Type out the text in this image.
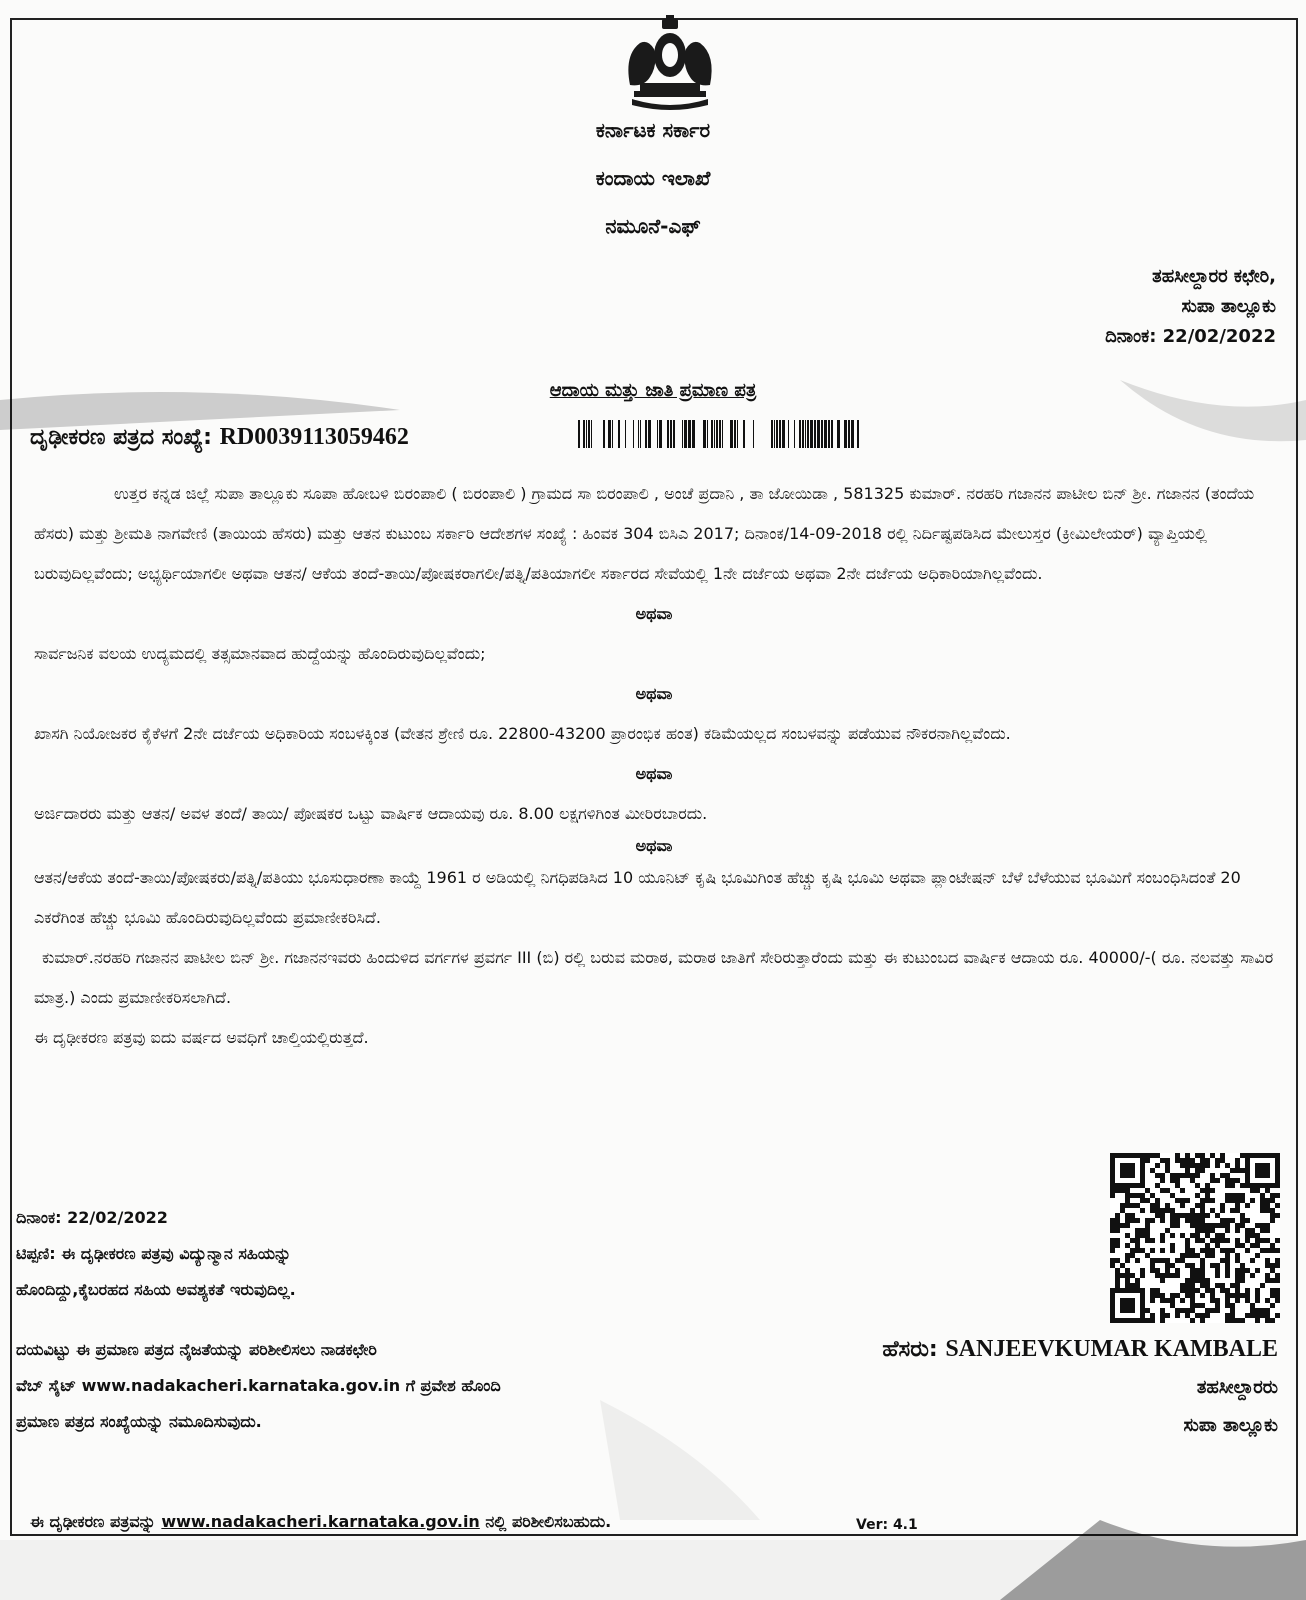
ಕರ್ನಾಟಕ ಸರ್ಕಾರ
ಕಂದಾಯ ಇಲಾಖೆ
ನಮೂನೆ-ಎಫ್
ತಹಸೀಲ್ದಾರರ ಕಛೇರಿ,
ಸುಪಾ ತಾಲ್ಲೂಕು
ದಿನಾಂಕ: 22/02/2022
ಆದಾಯ ಮತ್ತು ಜಾತಿ ಪ್ರಮಾಣ ಪತ್ರ
ದೃಢೀಕರಣ ಪತ್ರದ ಸಂಖ್ಯೆ: RD0039113059462

ಉತ್ತರ ಕನ್ನಡ ಜಿಲ್ಲೆ ಸುಪಾ ತಾಲ್ಲೂಕು ಸೂಪಾ ಹೋಬಳಿ ಬಿರಂಪಾಲಿ ( ಬಿರಂಪಾಲಿ ) ಗ್ರಾಮದ ಸಾ ಬಿರಂಪಾಲಿ , ಅಂಚೆ ಪ್ರದಾನಿ , ತಾ ಜೋಯಿಡಾ , 581325 ಕುಮಾರ್. ನರಹರಿ ಗಜಾನನ ಪಾಟೀಲ ಬಿನ್ ಶ್ರೀ. ಗಜಾನನ (ತಂದೆಯ ಹೆಸರು) ಮತ್ತು ಶ್ರೀಮತಿ ನಾಗವೇಣಿ (ತಾಯಿಯ ಹೆಸರು) ಮತ್ತು ಆತನ ಕುಟುಂಬ ಸರ್ಕಾರಿ ಆದೇಶಗಳ ಸಂಖ್ಯೆ : ಹಿಂವಕ 304 ಬಿಸಿಎ 2017; ದಿನಾಂಕ/14-09-2018 ರಲ್ಲಿ ನಿರ್ದಿಷ್ಟಪಡಿಸಿದ ಮೇಲುಸ್ತರ (ಕ್ರೀಮಿಲೇಯರ್) ವ್ಯಾಪ್ತಿಯಲ್ಲಿ ಬರುವುದಿಲ್ಲವೆಂದು; ಅಭ್ಯರ್ಥಿಯಾಗಲೀ ಅಥವಾ ಆತನ/ ಆಕೆಯ ತಂದೆ-ತಾಯಿ/ಪೋಷಕರಾಗಲೀ/ಪತ್ನಿ/ಪತಿಯಾಗಲೀ ಸರ್ಕಾರದ ಸೇವೆಯಲ್ಲಿ 1ನೇ ದರ್ಜೆಯ ಅಥವಾ 2ನೇ ದರ್ಜೆಯ ಅಧಿಕಾರಿಯಾಗಿಲ್ಲವೆಂದು.

ಅಥವಾ

ಸಾರ್ವಜನಿಕ ವಲಯ ಉದ್ಯಮದಲ್ಲಿ ತತ್ಸಮಾನವಾದ ಹುದ್ದೆಯನ್ನು ಹೊಂದಿರುವುದಿಲ್ಲವೆಂದು;

ಅಥವಾ

ಖಾಸಗಿ ನಿಯೋಜಕರ ಕೈಕೆಳಗೆ 2ನೇ ದರ್ಜೆಯ ಅಧಿಕಾರಿಯ ಸಂಬಳಕ್ಕಿಂತ (ವೇತನ ಶ್ರೇಣಿ ರೂ. 22800-43200 ಪ್ರಾರಂಭಿಕ ಹಂತ) ಕಡಿಮೆಯಲ್ಲದ ಸಂಬಳವನ್ನು ಪಡೆಯುವ ನೌಕರನಾಗಿಲ್ಲವೆಂದು.

ಅಥವಾ

ಅರ್ಜಿದಾರರು ಮತ್ತು ಆತನ/ ಅವಳ ತಂದೆ/ ತಾಯಿ/ ಪೋಷಕರ ಒಟ್ಟು ವಾರ್ಷಿಕ ಆದಾಯವು ರೂ. 8.00 ಲಕ್ಷಗಳಿಗಿಂತ ಮೀರಿರಬಾರದು.

ಅಥವಾ

ಆತನ/ಆಕೆಯ ತಂದೆ-ತಾಯಿ/ಪೋಷಕರು/ಪತ್ನಿ/ಪತಿಯು ಭೂಸುಧಾರಣಾ ಕಾಯ್ದೆ 1961 ರ ಅಡಿಯಲ್ಲಿ ನಿಗಧಿಪಡಿಸಿದ 10 ಯೂನಿಟ್ ಕೃಷಿ ಭೂಮಿಗಿಂತ ಹೆಚ್ಚು ಕೃಷಿ ಭೂಮಿ ಅಥವಾ ಪ್ಲಾಂಟೇಷನ್ ಬೆಳೆ ಬೆಳೆಯುವ ಭೂಮಿಗೆ ಸಂಬಂಧಿಸಿದಂತೆ 20 ಎಕರೆಗಿಂತ ಹೆಚ್ಚು ಭೂಮಿ ಹೊಂದಿರುವುದಿಲ್ಲವೆಂದು ಪ್ರಮಾಣೀಕರಿಸಿದೆ.

ಕುಮಾರ್.ನರಹರಿ ಗಜಾನನ ಪಾಟೀಲ ಬಿನ್ ಶ್ರೀ. ಗಜಾನನಇವರು ಹಿಂದುಳಿದ ವರ್ಗಗಳ ಪ್ರವರ್ಗ III (ಬಿ) ರಲ್ಲಿ ಬರುವ ಮರಾಠ, ಮರಾಠ ಜಾತಿಗೆ ಸೇರಿರುತ್ತಾರೆಂದು ಮತ್ತು ಈ ಕುಟುಂಬದ ವಾರ್ಷಿಕ ಆದಾಯ ರೂ. 40000/-( ರೂ. ನಲವತ್ತು ಸಾವಿರ ಮಾತ್ರ.) ಎಂದು ಪ್ರಮಾಣೀಕರಿಸಲಾಗಿದೆ.

ಈ ದೃಢೀಕರಣ ಪತ್ರವು ಐದು ವರ್ಷದ ಅವಧಿಗೆ ಚಾಲ್ತಿಯಲ್ಲಿರುತ್ತದೆ.

ದಿನಾಂಕ: 22/02/2022
ಟಿಪ್ಪಣಿ: ಈ ದೃಢೀಕರಣ ಪತ್ರವು ವಿದ್ಯುನ್ಮಾನ ಸಹಿಯನ್ನು
ಹೊಂದಿದ್ದು,ಕೈಬರಹದ ಸಹಿಯ ಅವಶ್ಯಕತೆ ಇರುವುದಿಲ್ಲ.
ದಯವಿಟ್ಟು ಈ ಪ್ರಮಾಣ ಪತ್ರದ ನೈಜತೆಯನ್ನು ಪರಿಶೀಲಿಸಲು ನಾಡಕಛೇರಿ
ವೆಬ್ ಸೈಟ್ www.nadakacheri.karnataka.gov.in ಗೆ ಪ್ರವೇಶ ಹೊಂದಿ
ಪ್ರಮಾಣ ಪತ್ರದ ಸಂಖ್ಯೆಯನ್ನು ನಮೂದಿಸುವುದು.
ಹೆಸರು: SANJEEVKUMAR KAMBALE
ತಹಸೀಲ್ದಾರರು
ಸುಪಾ ತಾಲ್ಲೂಕು
ಈ ದೃಢೀಕರಣ ಪತ್ರವನ್ನು www.nadakacheri.karnataka.gov.in ನಲ್ಲಿ ಪರಿಶೀಲಿಸಬಹುದು.	Ver: 4.1
